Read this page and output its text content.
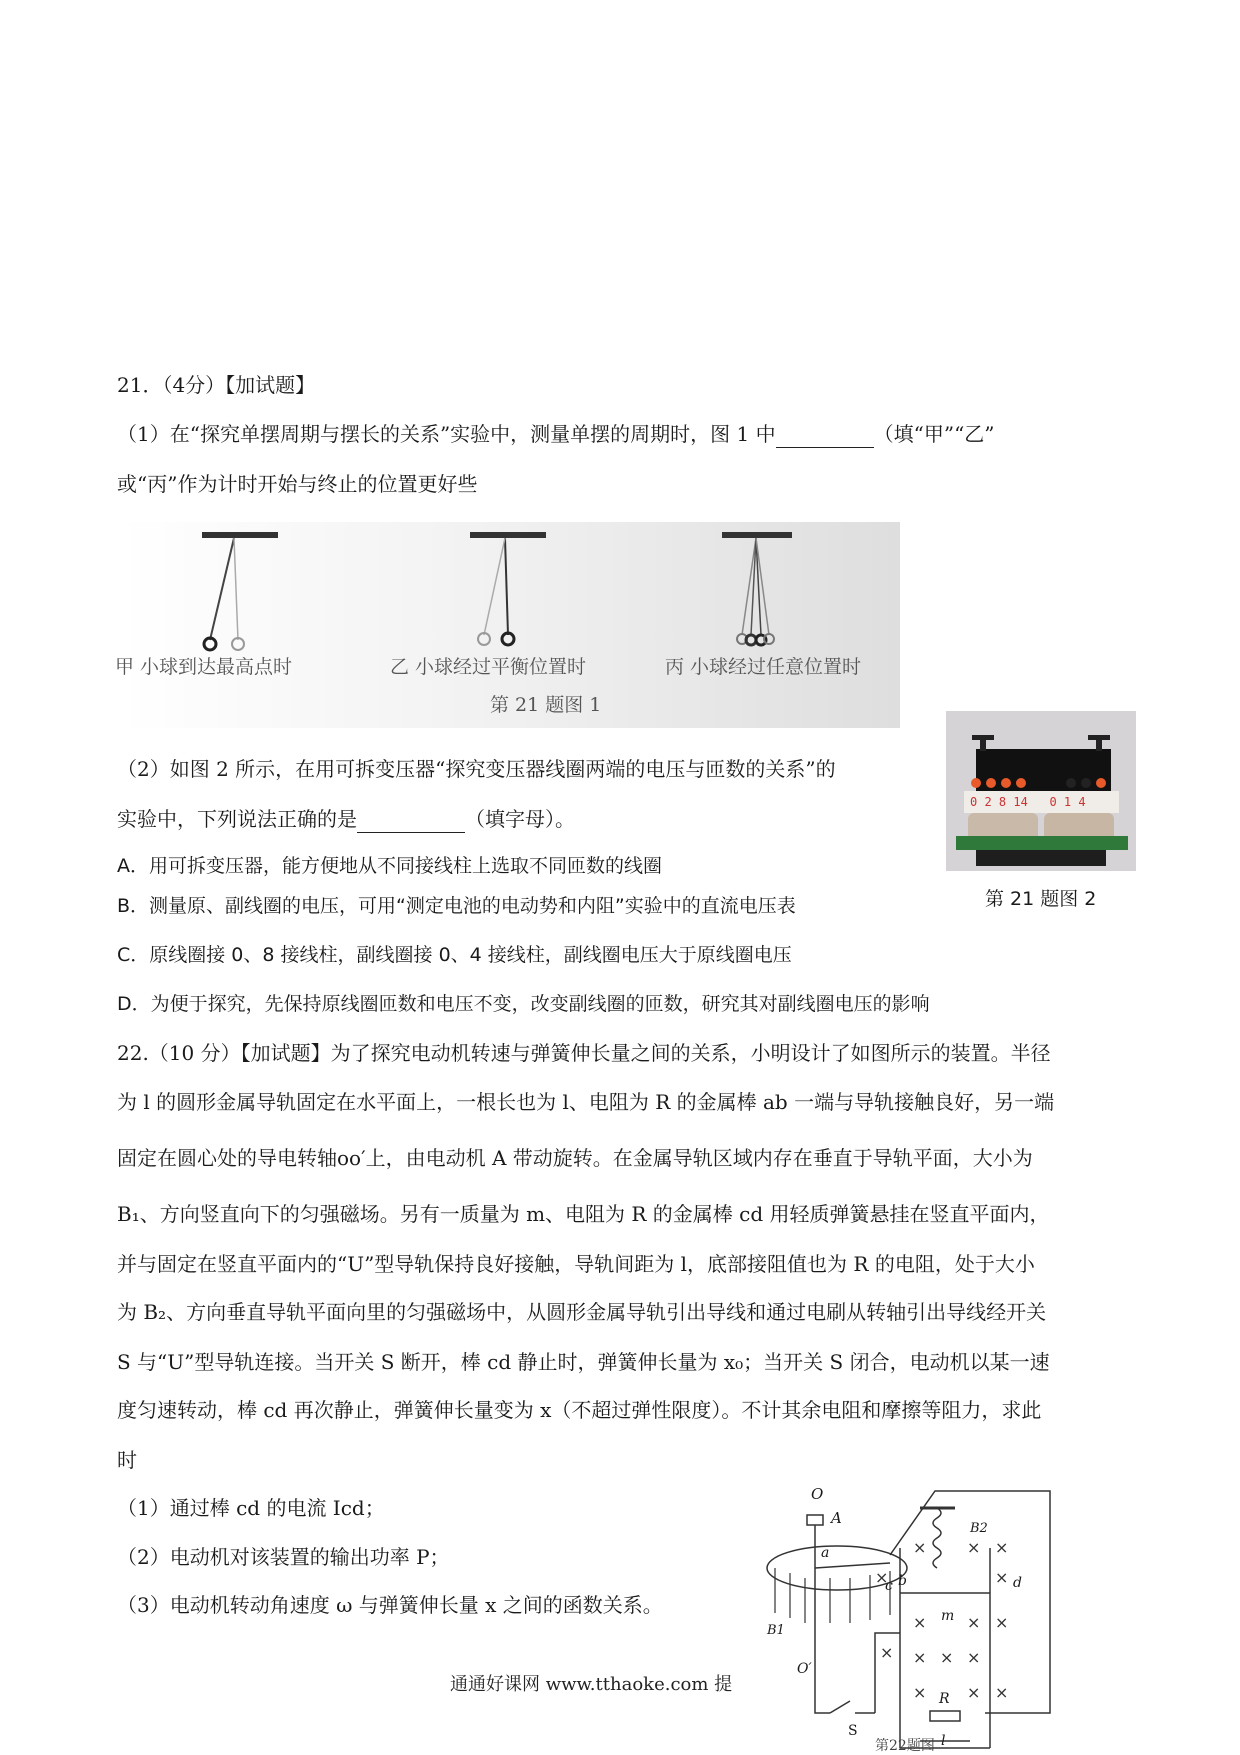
21．（4分）【加试题】
（1）在“探究单摆周期与摆长的关系”实验中，测量单摆的周期时，图 1 中	（填“甲”“乙”
或“丙”作为计时开始与终止的位置更好些
甲 小球到达最高点时	乙 小球经过平衡位置时	丙 小球经过任意位置时
第 21 题图 1
0 2 8 14   0 1 4
第 21 题图 2
（2）如图 2 所示，在用可拆变压器“探究变压器线圈两端的电压与匝数的关系”的
实验中，下列说法正确的是	（填字母）。
A．用可拆变压器，能方便地从不同接线柱上选取不同匝数的线圈
B．测量原、副线圈的电压，可用“测定电池的电动势和内阻”实验中的直流电压表
C．原线圈接 0、8 接线柱，副线圈接 0、4 接线柱，副线圈电压大于原线圈电压
D．为便于探究，先保持原线圈匝数和电压不变，改变副线圈的匝数，研究其对副线圈电压的影响
22.（10 分）【加试题】为了探究电动机转速与弹簧伸长量之间的关系，小明设计了如图所示的装置。半径
为 l 的圆形金属导轨固定在水平面上，一根长也为 l、电阻为 R 的金属棒 ab 一端与导轨接触良好，另一端
固定在圆心处的导电转轴oo′上，由电动机 A 带动旋转。在金属导轨区域内存在垂直于导轨平面，大小为
B₁、方向竖直向下的匀强磁场。另有一质量为 m、电阻为 R 的金属棒 cd 用轻质弹簧悬挂在竖直平面内，
并与固定在竖直平面内的“U”型导轨保持良好接触，导轨间距为 l，底部接阻值也为 R 的电阻，处于大小
为 B₂、方向垂直导轨平面向里的匀强磁场中，从圆形金属导轨引出导线和通过电刷从转轴引出导线经开关
S 与“U”型导轨连接。当开关 S 断开，棒 cd 静止时，弹簧伸长量为 x₀；当开关 S 闭合，电动机以某一速
度匀速转动，棒 cd 再次静止，弹簧伸长量变为 x（不超过弹性限度）。不计其余电阻和摩擦等阻力，求此
时
（1）通过棒 cd 的电流 Icd；
（2）电动机对该装置的输出功率 P；
（3）电动机转动角速度 ω 与弹簧伸长量 x 之间的函数关系。
×	× ×
×	×
×	× ×
× × × ×
×	× ×
O
A
a
b
B1
O′
S
c	d
B2
m
R
l
第22题图
通通好课网 www.tthaoke.com 提
